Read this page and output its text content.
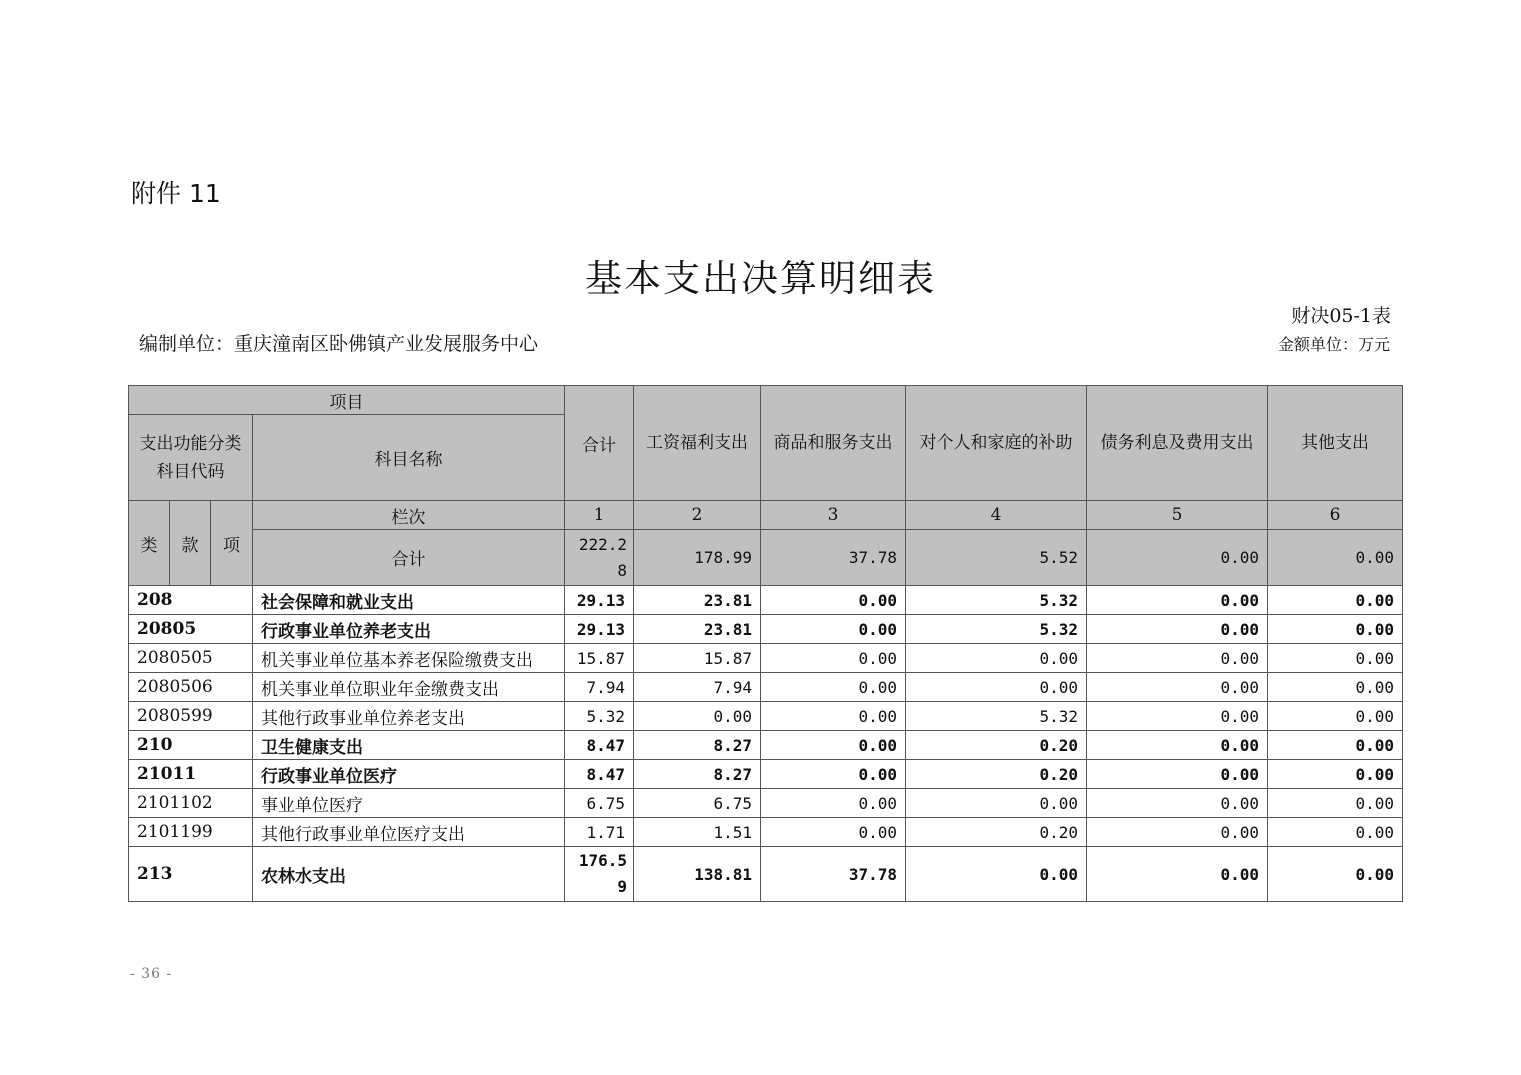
附件 11
基本支出决算明细表
财决05-1表
编制单位：重庆潼南区卧佛镇产业发展服务中心	金额单位：万元
项目				合计	工资福利支出	商品和服务支出	对个人和家庭的补助	债务利息及费用支出	其他支出
支出功能分类科目代码			科目名称						
类	款	项	栏次	1	2	3	4	5	6
			合计	222.28	178.99	37.78	5.52	0.00	0.00
208			社会保障和就业支出	29.13	23.81	0.00	5.32	0.00	0.00
20805			行政事业单位养老支出	29.13	23.81	0.00	5.32	0.00	0.00
2080505			机关事业单位基本养老保险缴费支出	15.87	15.87	0.00	0.00	0.00	0.00
2080506			机关事业单位职业年金缴费支出	7.94	7.94	0.00	0.00	0.00	0.00
2080599			其他行政事业单位养老支出	5.32	0.00	0.00	5.32	0.00	0.00
210			卫生健康支出	8.47	8.27	0.00	0.20	0.00	0.00
21011			行政事业单位医疗	8.47	8.27	0.00	0.20	0.00	0.00
2101102			事业单位医疗	6.75	6.75	0.00	0.00	0.00	0.00
2101199			其他行政事业单位医疗支出	1.71	1.51	0.00	0.20	0.00	0.00
213			农林水支出	176.59	138.81	37.78	0.00	0.00	0.00
- 36 -
